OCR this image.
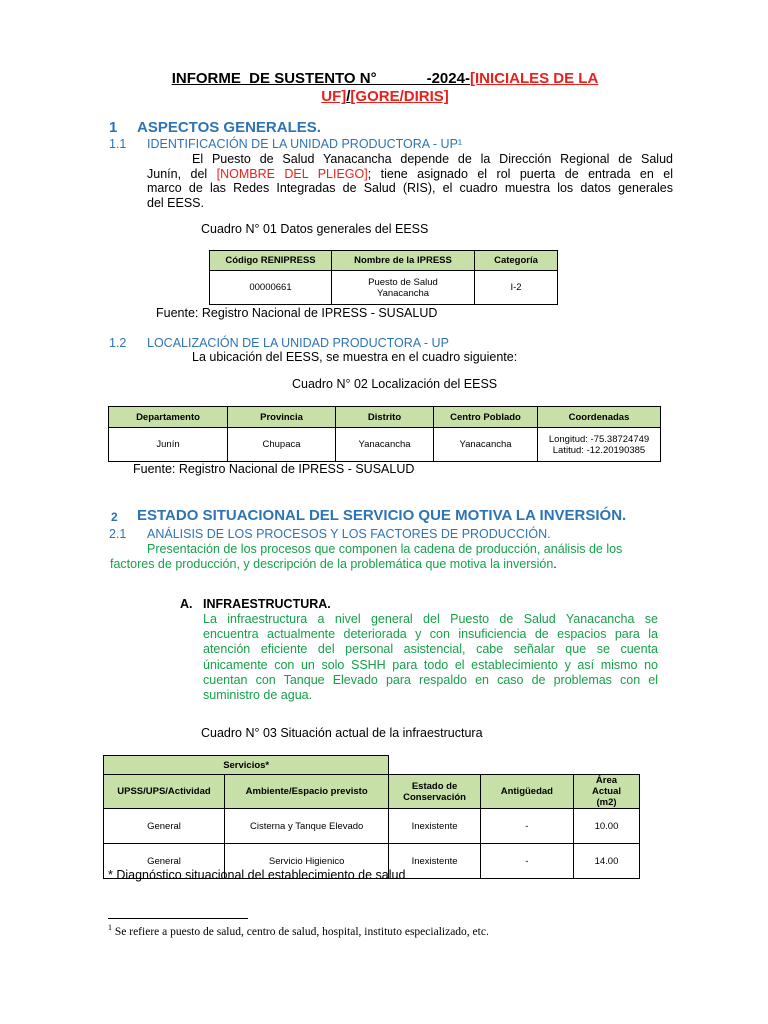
INFORME  DE SUSTENTO N°            -2024-[INICIALES DE LA
UF]/[GORE/DIRIS]
1 ASPECTOS GENERALES.
1.1 IDENTIFICACIÓN DE LA UNIDAD PRODUCTORA - UP¹
El Puesto de Salud Yanacancha depende de la Dirección Regional de Salud
Junín, del [NOMBRE DEL PLIEGO]; tiene asignado el rol puerta de entrada en el
marco de las Redes Integradas de Salud (RIS), el cuadro muestra los datos generales
del EESS.
Cuadro N° 01 Datos generales del EESS
Código RENIPRESS	Nombre de la IPRESS	Categoría
00000661	Puesto de Salud Yanacancha	I-2
Fuente: Registro Nacional de IPRESS - SUSALUD
1.2 LOCALIZACIÓN DE LA UNIDAD PRODUCTORA - UP
La ubicación del EESS, se muestra en el cuadro siguiente:
Cuadro N° 02 Localización del EESS
Departamento	Provincia	Distrito	Centro Poblado	Coordenadas
Junín	Chupaca	Yanacancha	Yanacancha	Longitud: -75.38724749
Latitud: -12.20190385
Fuente: Registro Nacional de IPRESS - SUSALUD
2 ESTADO SITUACIONAL DEL SERVICIO QUE MOTIVA LA INVERSIÓN.
2.1 ANÁLISIS DE LOS PROCESOS Y LOS FACTORES DE PRODUCCIÓN.
Presentación de los procesos que componen la cadena de producción, análisis de los
factores de producción, y descripción de la problemática que motiva la inversión.
A. INFRAESTRUCTURA.
La infraestructura a nivel general del Puesto de Salud Yanacancha se
encuentra actualmente deteriorada y con insuficiencia de espacios para la
atención eficiente del personal asistencial, cabe señalar que se cuenta
únicamente con un solo SSHH para todo el establecimiento y así mismo no
cuentan con Tanque Elevado para respaldo en caso de problemas con el
suministro de agua.
Cuadro N° 03 Situación actual de la infraestructura
Servicios*				
UPSS/UPS/Actividad	Ambiente/Espacio previsto	Estado de Conservación	Antigüedad	Área Actual (m2)
General	Cisterna y Tanque Elevado	Inexistente	-	10.00
General	Servicio Higienico	Inexistente	-	14.00
* Diagnóstico situacional del establecimiento de salud
$^1$ Se refiere a puesto de salud, centro de salud, hospital, instituto especializado, etc.
